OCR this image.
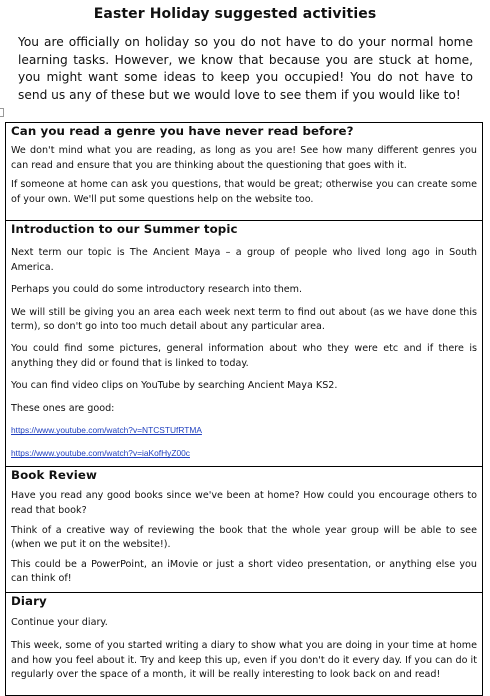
Easter Holiday suggested activities
You are officially on holiday so you do not have to do your normal home learning tasks. However, we know that because you are stuck at home, you might want some ideas to keep you occupied! You do not have to send us any of these but we would love to see them if you would like to!
Can you read a genre you have never read before?

We don't mind what you are reading, as long as you are! See how many different genres you can read and ensure that you are thinking about the questioning that goes with it.

If someone at home can ask you questions, that would be great; otherwise you can create some of your own. We'll put some questions help on the website too.

Introduction to our Summer topic

Next term our topic is The Ancient Maya – a group of people who lived long ago in South America.

Perhaps you could do some introductory research into them.

We will still be giving you an area each week next term to find out about (as we have done this term), so don't go into too much detail about any particular area.

You could find some pictures, general information about who they were etc and if there is anything they did or found that is linked to today.

You can find video clips on YouTube by searching Ancient Maya KS2.

These ones are good:

https://www.youtube.com/watch?v=NTCSTUfRTMA
https://www.youtube.com/watch?v=iaKofHyZ00c

Book Review

Have you read any good books since we've been at home? How could you encourage others to read that book?

Think of a creative way of reviewing the book that the whole year group will be able to see (when we put it on the website!).

This could be a PowerPoint, an iMovie or just a short video presentation, or anything else you can think of!

Diary

Continue your diary.

This week, some of you started writing a diary to show what you are doing in your time at home and how you feel about it. Try and keep this up, even if you don't do it every day. If you can do it regularly over the space of a month, it will be really interesting to look back on and read!
